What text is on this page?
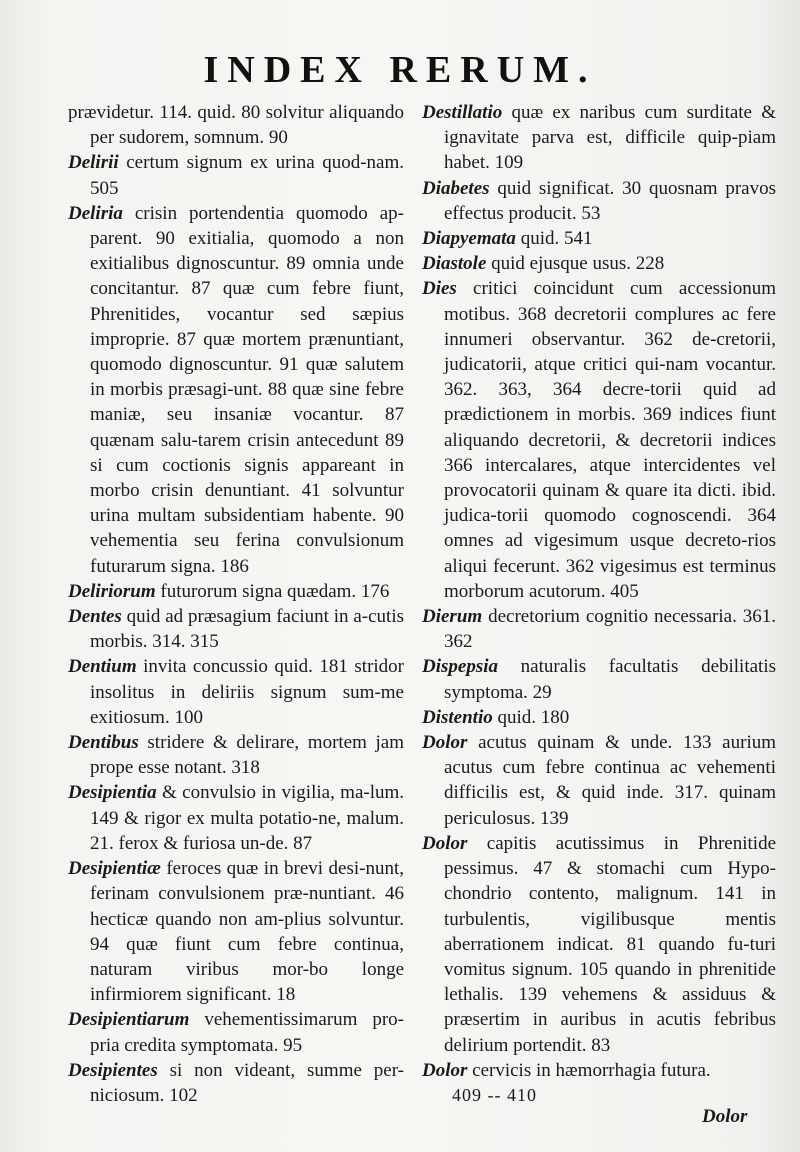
INDEX RERUM.

prævidetur. 114. quid. 80 solvitur aliquando per sudorem, somnum. 90

Delirii certum signum ex urina quod-nam. 505

Deliria crisin portendentia quomodo ap-parent. 90 exitialia, quomodo a non exitialibus dignoscuntur. 89 omnia unde concitantur. 87 quæ cum febre fiunt, Phrenitides, vocantur sed sæpius improprie. 87 quæ mortem prænuntiant, quomodo dignoscuntur. 91 quæ salutem in morbis præsagi-unt. 88 quæ sine febre maniæ, seu insaniæ vocantur. 87 quænam salu-tarem crisin antecedunt 89 si cum coctionis signis appareant in morbo crisin denuntiant. 41 solvuntur urina multam subsidentiam habente. 90 vehementia seu ferina convulsionum futurarum signa. 186

Deliriorum futurorum signa quædam. 176

Dentes quid ad præsagium faciunt in a-cutis morbis. 314. 315

Dentium invita concussio quid. 181 stridor insolitus in deliriis signum sum-me exitiosum. 100

Dentibus stridere & delirare, mortem jam prope esse notant. 318

Desipientia & convulsio in vigilia, ma-lum. 149 & rigor ex multa potatio-ne, malum. 21. ferox & furiosa un-de. 87

Desipientiæ feroces quæ in brevi desi-nunt, ferinam convulsionem præ-nuntiant. 46 hecticæ quando non am-plius solvuntur. 94 quæ fiunt cum febre continua, naturam viribus mor-bo longe infirmiorem significant. 18

Desipientiarum vehementissimarum pro-pria credita symptomata. 95

Desipientes si non videant, summe per-niciosum. 102

Destillatio quæ ex naribus cum surditate & ignavitate parva est, difficile quip-piam habet. 109

Diabetes quid significat. 30 quosnam pravos effectus producit. 53

Diapyemata quid. 541

Diastole quid ejusque usus. 228

Dies critici coincidunt cum accessionum motibus. 368 decretorii complures ac fere innumeri observantur. 362 de-cretorii, judicatorii, atque critici qui-nam vocantur. 362. 363, 364 decre-torii quid ad prædictionem in morbis. 369 indices fiunt aliquando decretorii, & decretorii indices 366 intercalares, atque intercidentes vel provocatorii quinam & quare ita dicti. ibid. judica-torii quomodo cognoscendi. 364 omnes ad vigesimum usque decreto-rios aliqui fecerunt. 362 vigesimus est terminus morborum acutorum. 405

Dierum decretorium cognitio necessaria. 361. 362

Dispepsia naturalis facultatis debilitatis symptoma. 29

Distentio quid. 180

Dolor acutus quinam & unde. 133 aurium acutus cum febre continua ac vehementi difficilis est, & quid inde. 317. quinam periculosus. 139

Dolor capitis acutissimus in Phrenitide pessimus. 47 & stomachi cum Hypo-chondrio contento, malignum. 141 in turbulentis, vigilibusque mentis aberrationem indicat. 81 quando fu-turi vomitus signum. 105 quando in phrenitide lethalis. 139 vehemens & assiduus & præsertim in auribus in acutis febribus delirium portendit. 83

Dolor cervicis in hæmorrhagia futura.

409 -- 410
Dolor
